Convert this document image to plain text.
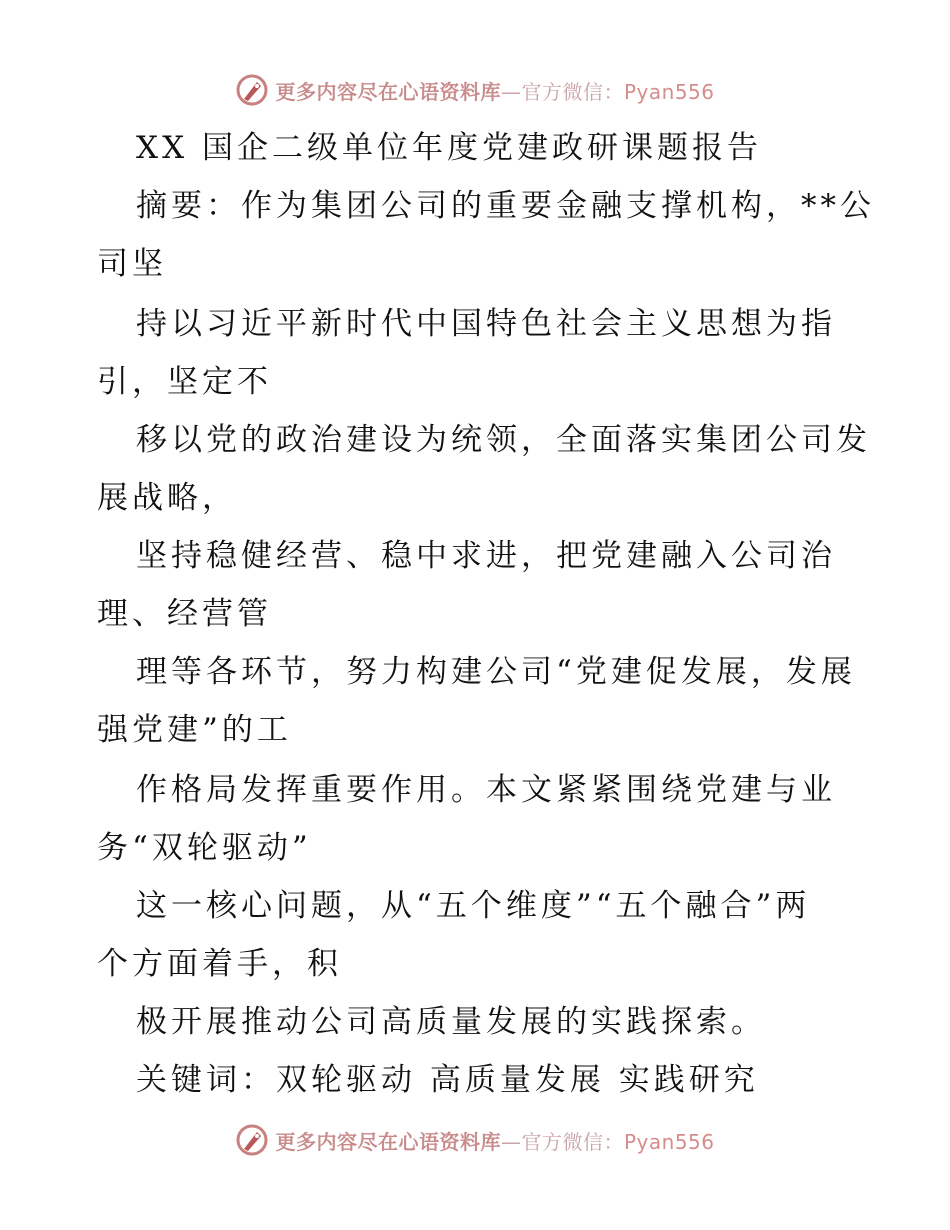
更多内容尽在心语资料库—官方微信：Pyan556
XX 国企二级单位年度党建政研课题报告
摘要：作为集团公司的重要金融支撑机构，**公
司坚
持以习近平新时代中国特色社会主义思想为指
引，坚定不
移以党的政治建设为统领，全面落实集团公司发
展战略，
坚持稳健经营、稳中求进，把党建融入公司治
理、经营管
理等各环节，努力构建公司“党建促发展，发展
强党建”的工
作格局发挥重要作用。本文紧紧围绕党建与业
务“双轮驱动”
这一核心问题，从“五个维度”“五个融合”两
个方面着手，积
极开展推动公司高质量发展的实践探索。
关键词：双轮驱动 高质量发展 实践研究
更多内容尽在心语资料库—官方微信：Pyan556
